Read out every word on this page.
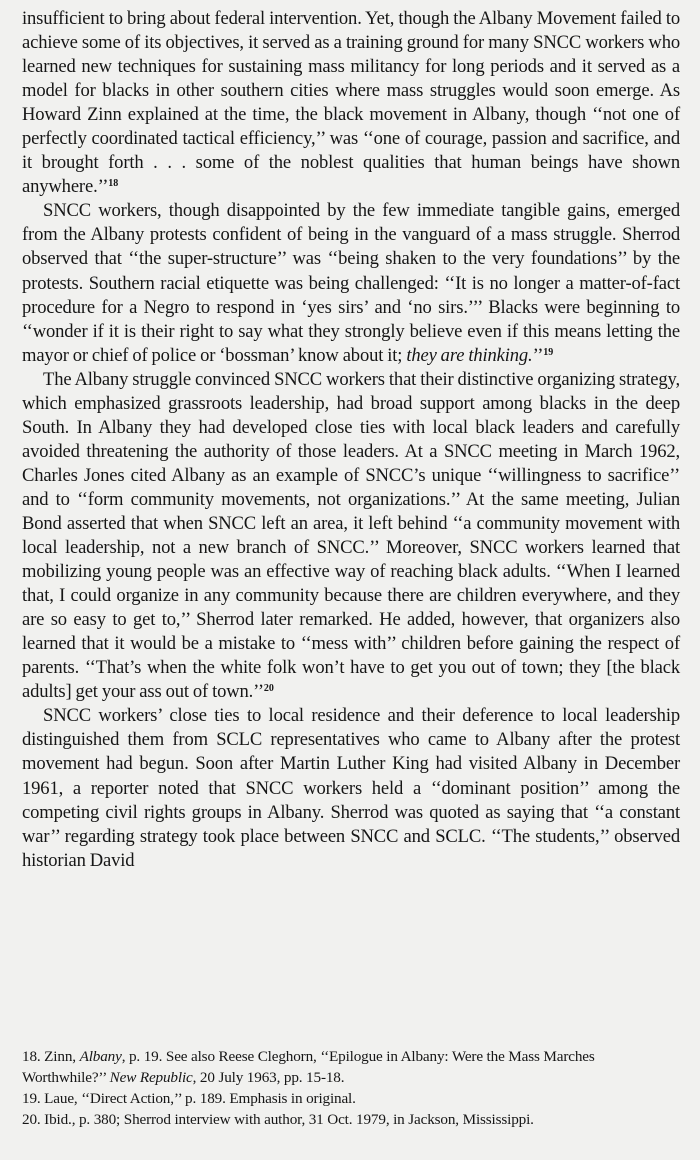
insufficient to bring about federal intervention. Yet, though the Albany Movement failed to achieve some of its objectives, it served as a training ground for many SNCC workers who learned new techniques for sustaining mass militancy for long periods and it served as a model for blacks in other southern cities where mass struggles would soon emerge. As Howard Zinn explained at the time, the black movement in Albany, though ‘‘not one of perfectly coordinated tactical efficiency,’’ was ‘‘one of courage, passion and sacrifice, and it brought forth . . . some of the noblest qualities that human beings have shown anywhere.’’$^{18}$

SNCC workers, though disappointed by the few immediate tangible gains, emerged from the Albany protests confident of being in the vanguard of a mass struggle. Sherrod observed that ‘‘the super-structure’’ was ‘‘being shaken to the very foundations’’ by the protests. Southern racial etiquette was being challenged: ‘‘It is no longer a matter-of-fact procedure for a Negro to respond in ‘yes sirs’ and ‘no sirs.’’’ Blacks were beginning to ‘‘wonder if it is their right to say what they strongly believe even if this means letting the mayor or chief of police or ‘bossman’ know about it; they are thinking.’’$^{19}$

The Albany struggle convinced SNCC workers that their distinctive organizing strategy, which emphasized grassroots leadership, had broad support among blacks in the deep South. In Albany they had developed close ties with local black leaders and carefully avoided threatening the authority of those leaders. At a SNCC meeting in March 1962, Charles Jones cited Albany as an example of SNCC’s unique ‘‘willingness to sacrifice’’ and to ‘‘form community movements, not organizations.’’ At the same meeting, Julian Bond asserted that when SNCC left an area, it left behind ‘‘a community movement with local leadership, not a new branch of SNCC.’’ Moreover, SNCC workers learned that mobilizing young people was an effective way of reaching black adults. ‘‘When I learned that, I could organize in any community because there are children everywhere, and they are so easy to get to,’’ Sherrod later remarked. He added, however, that organizers also learned that it would be a mistake to ‘‘mess with’’ children before gaining the respect of parents. ‘‘That’s when the white folk won’t have to get you out of town; they [the black adults] get your ass out of town.’’$^{20}$

SNCC workers’ close ties to local residence and their deference to local leadership distinguished them from SCLC representatives who came to Albany after the protest movement had begun. Soon after Martin Luther King had visited Albany in December 1961, a reporter noted that SNCC workers held a ‘‘dominant position’’ among the competing civil rights groups in Albany. Sherrod was quoted as saying that ‘‘a constant war’’ regarding strategy took place between SNCC and SCLC. ‘‘The students,’’ observed historian David

18. Zinn, Albany, p. 19. See also Reese Cleghorn, ‘‘Epilogue in Albany: Were the Mass Marches Worthwhile?’’ New Republic, 20 July 1963, pp. 15-18.
19. Laue, ‘‘Direct Action,’’ p. 189. Emphasis in original.
20. Ibid., p. 380; Sherrod interview with author, 31 Oct. 1979, in Jackson, Mississippi.
